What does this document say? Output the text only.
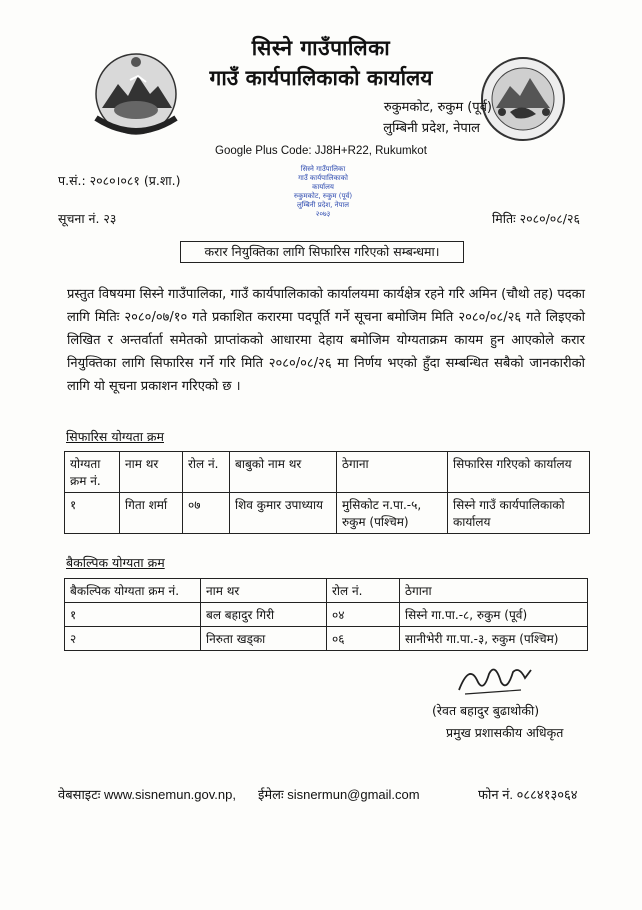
सिस्ने गाउँपालिका
गाउँ कार्यपालिकाको कार्यालय
रुकुमकोट, रुकुम (पूर्व)
लुम्बिनी प्रदेश, नेपाल
Google Plus Code: JJ8H+R22, Rukumkot
प.सं.: २०८०।०८१ (प्र.शा.)
सिस्ने गाउँपालिका
गाउँ कार्यपालिकाको
कार्यालय
रुकुमकोट, रुकुम (पूर्व)
लुम्बिनी प्रदेश, नेपाल
२०७३
सूचना नं. २३	मितिः २०८०/०८/२६
करार नियुक्तिका लागि सिफारिस गरिएको सम्बन्धमा।
प्रस्तुत विषयमा सिस्ने गाउँपालिका, गाउँ कार्यपालिकाको कार्यालयमा कार्यक्षेत्र रहने गरि अमिन (चौथो तह) पदका लागि मितिः २०८०/०७/१० गते प्रकाशित करारमा पदपूर्ति गर्ने सूचना बमोजिम मिति २०८०/०८/२६ गते लिइएको लिखित र अन्तर्वार्ता समेतको प्राप्तांकको आधारमा देहाय बमोजिम योग्यताक्रम कायम हुन आएकोले करार नियुक्तिका लागि सिफारिस गर्ने गरि मिति २०८०/०८/२६ मा निर्णय भएको हुँदा सम्बन्धित सबैको जानकारीको लागि यो सूचना प्रकाशन गरिएको छ ।
सिफारिस योग्यता क्रम
योग्यता क्रम नं.	नाम थर	रोल नं.	बाबुको नाम थर	ठेगाना	सिफारिस गरिएको कार्यालय
१	गिता शर्मा	०७	शिव कुमार उपाध्याय	मुसिकोट न.पा.-५, रुकुम (पश्चिम)	सिस्ने गाउँ कार्यपालिकाको कार्यालय
बैकल्पिक योग्यता क्रम
बैकल्पिक योग्यता क्रम नं.	नाम थर	रोल नं.	ठेगाना
१	बल बहादुर गिरी	०४	सिस्ने गा.पा.-८, रुकुम (पूर्व)
२	निरुता खड्का	०६	सानीभेरी गा.पा.-३, रुकुम (पश्चिम)
(रेवत बहादुर बुढाथोकी)
प्रमुख प्रशासकीय अधिकृत
वेबसाइटः www.sisnemun.gov.np, ईमेलः sisnermun@gmail.com	फोन नं. ०८८४१३०६४
